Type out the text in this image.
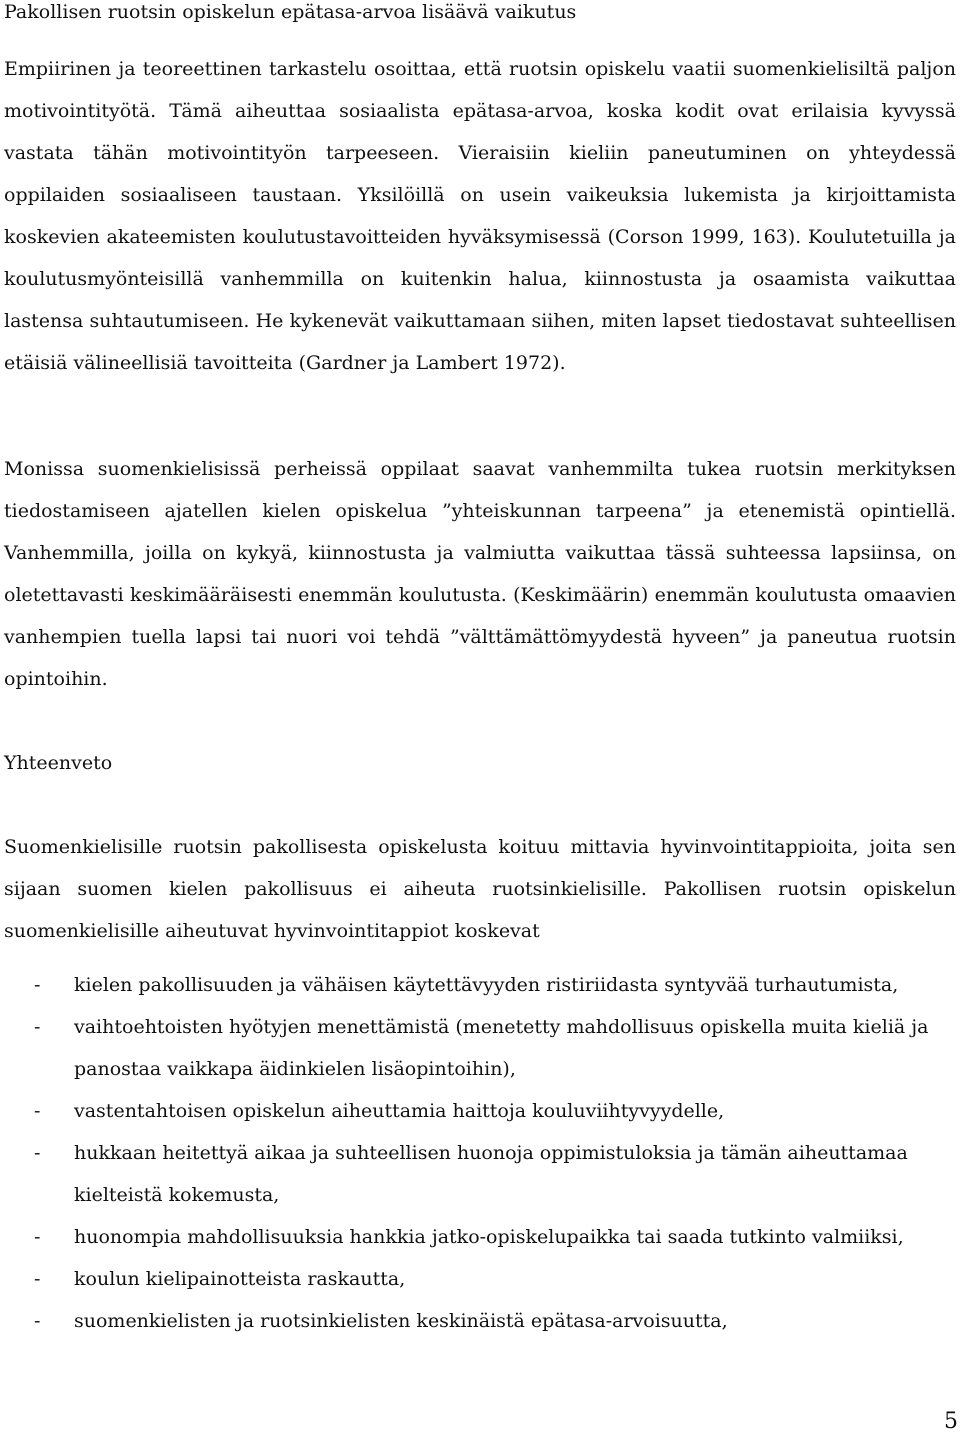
Pakollisen ruotsin opiskelun epätasa-arvoa lisäävä vaikutus

Empiirinen ja teoreettinen tarkastelu osoittaa, että ruotsin opiskelu vaatii suomenkielisiltä paljon motivointityötä. Tämä aiheuttaa sosiaalista epätasa-arvoa, koska kodit ovat erilaisia kyvyssä vastata tähän motivointityön tarpeeseen. Vieraisiin kieliin paneutuminen on yhteydessä oppilaiden sosiaaliseen taustaan. Yksilöillä on usein vaikeuksia lukemista ja kirjoittamista koskevien akateemisten koulutustavoitteiden hyväksymisessä (Corson 1999, 163). Koulutetuilla ja koulutusmyönteisillä vanhemmilla on kuitenkin halua, kiinnostusta ja osaamista vaikuttaa lastensa suhtautumiseen. He kykenevät vaikuttamaan siihen, miten lapset tiedostavat suhteellisen etäisiä välineellisiä tavoitteita (Gardner ja Lambert 1972).

Monissa suomenkielisissä perheissä oppilaat saavat vanhemmilta tukea ruotsin merkityksen tiedostamiseen ajatellen kielen opiskelua ”yhteiskunnan tarpeena” ja etenemistä opintiellä. Vanhemmilla, joilla on kykyä, kiinnostusta ja valmiutta vaikuttaa tässä suhteessa lapsiinsa, on oletettavasti keskimääräisesti enemmän koulutusta. (Keskimäärin) enemmän koulutusta omaavien vanhempien tuella lapsi tai nuori voi tehdä ”välttämättömyydestä hyveen” ja paneutua ruotsin opintoihin.

Yhteenveto

Suomenkielisille ruotsin pakollisesta opiskelusta koituu mittavia hyvinvointitappioita, joita sen sijaan suomen kielen pakollisuus ei aiheuta ruotsinkielisille. Pakollisen ruotsin opiskelun suomenkielisille aiheutuvat hyvinvointitappiot koskevat

- kielen pakollisuuden ja vähäisen käytettävyyden ristiriidasta syntyvää turhautumista,
- vaihtoehtoisten hyötyjen menettämistä (menetetty mahdollisuus opiskella muita kieliä ja panostaa vaikkapa äidinkielen lisäopintoihin),
- vastentahtoisen opiskelun aiheuttamia haittoja kouluviihtyvyydelle,
- hukkaan heitettyä aikaa ja suhteellisen huonoja oppimistuloksia ja tämän aiheuttamaa kielteistä kokemusta,
- huonompia mahdollisuuksia hankkia jatko-opiskelupaikka tai saada tutkinto valmiiksi,
- koulun kielipainotteista raskautta,
- suomenkielisten ja ruotsinkielisten keskinäistä epätasa-arvoisuutta,
5
